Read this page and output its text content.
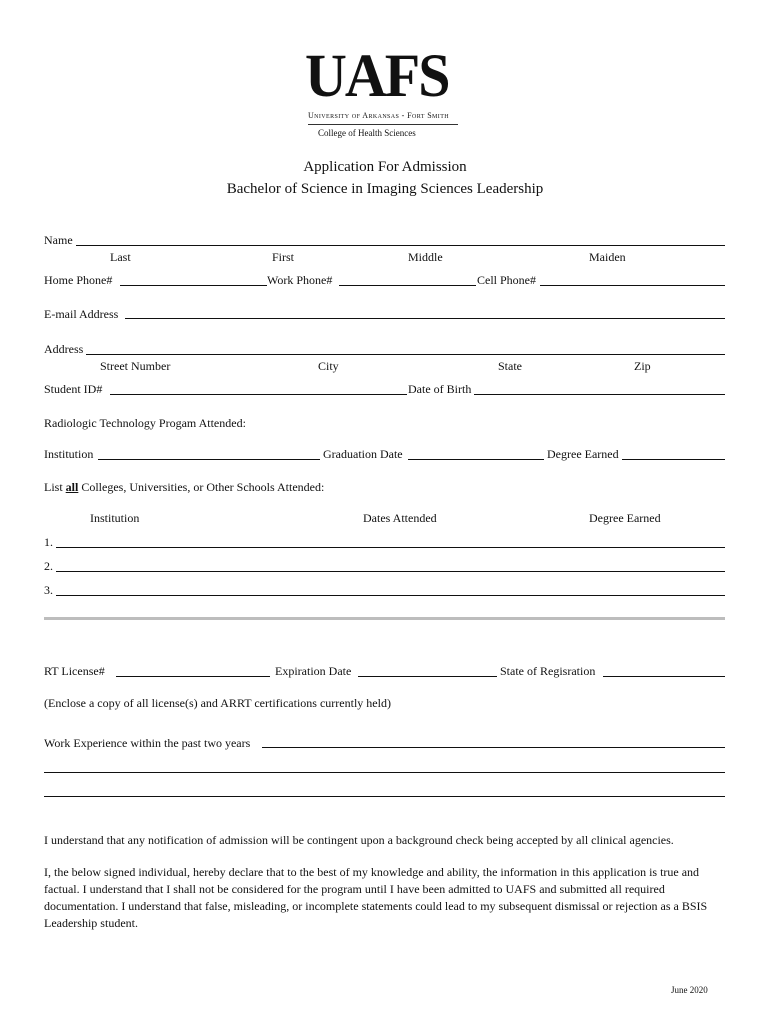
UAFS
University of Arkansas - Fort Smith
College of Health Sciences
Application For Admission
Bachelor of Science in Imaging Sciences Leadership
Name
Last	First	Middle	Maiden
Home Phone#	Work Phone#	Cell Phone#
E-mail Address
Address
Street Number	City	State	Zip
Student ID#	Date of Birth
Radiologic Technology Progam Attended:
Institution	Graduation Date	Degree Earned
List all Colleges, Universities, or Other Schools Attended:
Institution	Dates Attended	Degree Earned
1.
2.
3.
RT License#	Expiration Date	State of Regisration
(Enclose a copy of all license(s) and ARRT certifications currently held)
Work Experience within the past two years
I understand that any notification of admission will be contingent upon a background check being accepted by all clinical agencies.
I, the below signed individual, hereby declare that to the best of my knowledge and ability, the information in this application is true and factual. I understand that I shall not be considered for the program until I have been admitted to UAFS and submitted all required documentation. I understand that false, misleading, or incomplete statements could lead to my subsequent dismissal or rejection as a BSIS Leadership student.
June 2020
